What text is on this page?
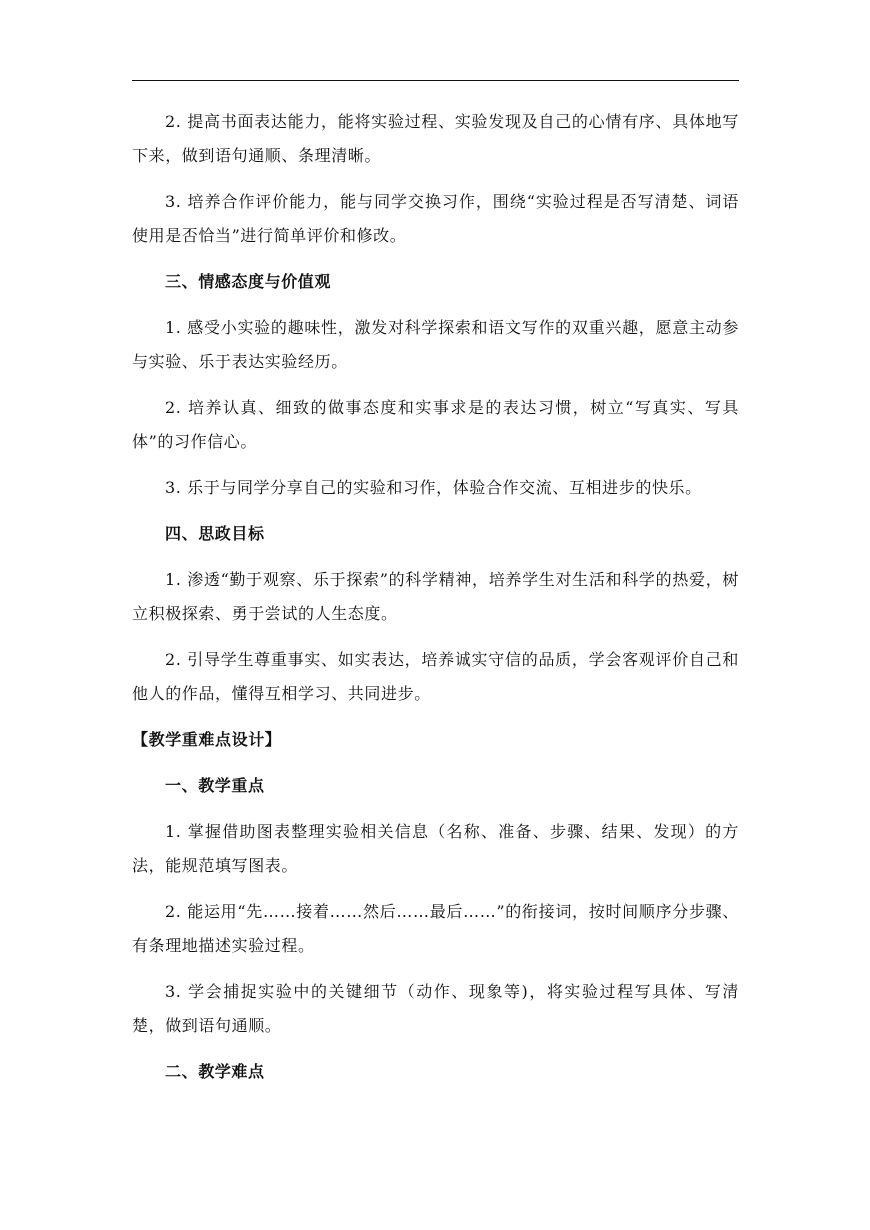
2. 提高书面表达能力，能将实验过程、实验发现及自己的心情有序、具体地写下来，做到语句通顺、条理清晰。

3. 培养合作评价能力，能与同学交换习作，围绕“实验过程是否写清楚、词语使用是否恰当”进行简单评价和修改。

三、情感态度与价值观

1. 感受小实验的趣味性，激发对科学探索和语文写作的双重兴趣，愿意主动参与实验、乐于表达实验经历。

2. 培养认真、细致的做事态度和实事求是的表达习惯，树立“写真实、写具体”的习作信心。

3. 乐于与同学分享自己的实验和习作，体验合作交流、互相进步的快乐。

四、思政目标

1. 渗透“勤于观察、乐于探索”的科学精神，培养学生对生活和科学的热爱，树立积极探索、勇于尝试的人生态度。

2. 引导学生尊重事实、如实表达，培养诚实守信的品质，学会客观评价自己和他人的作品，懂得互相学习、共同进步。

【教学重难点设计】

一、教学重点

1. 掌握借助图表整理实验相关信息（名称、准备、步骤、结果、发现）的方法，能规范填写图表。

2. 能运用“先……接着……然后……最后……”的衔接词，按时间顺序分步骤、有条理地描述实验过程。

3. 学会捕捉实验中的关键细节（动作、现象等)，将实验过程写具体、写清楚，做到语句通顺。

二、教学难点
